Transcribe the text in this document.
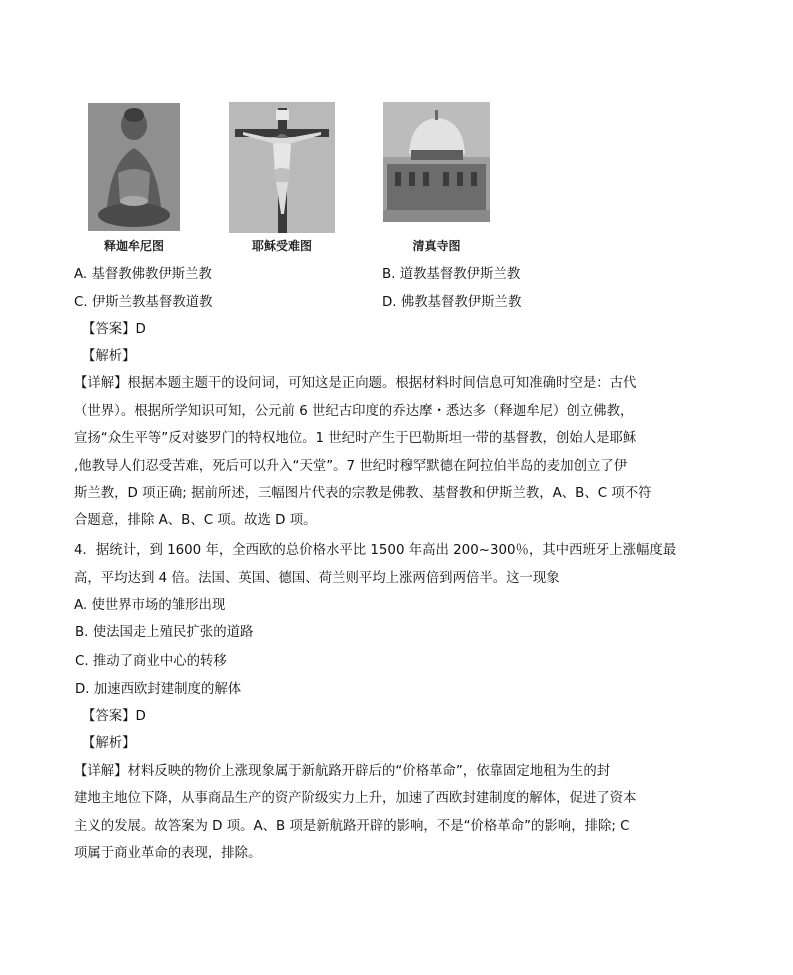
释迦牟尼图	耶稣受难图	清真寺图
A. 基督教佛教伊斯兰教	B. 道教基督教伊斯兰教
C. 伊斯兰教基督教道教	D. 佛教基督教伊斯兰教
【答案】D
【解析】
【详解】根据本题主题干的设问词，可知这是正向题。根据材料时间信息可知准确时空是：古代
（世界）。根据所学知识可知，公元前 6 世纪古印度的乔达摩・悉达多（释迦牟尼）创立佛教，
宣扬“众生平等”反对婆罗门的特权地位。1 世纪时产生于巴勒斯坦一带的基督教，创始人是耶稣
,他教导人们忍受苦难，死后可以升入“天堂”。7 世纪时穆罕默德在阿拉伯半岛的麦加创立了伊
斯兰教，D 项正确; 据前所述，三幅图片代表的宗教是佛教、基督教和伊斯兰教，A、B、C 项不符
合题意，排除 A、B、C 项。故选 D 项。
4．据统计，到 1600 年，全西欧的总价格水平比 1500 年高出 200~300％，其中西班牙上涨幅度最
高，平均达到 4 倍。法国、英国、德国、荷兰则平均上涨两倍到两倍半。这一现象
A. 使世界市场的雏形出现
B. 使法国走上殖民扩张的道路
C. 推动了商业中心的转移
D. 加速西欧封建制度的解体
【答案】D
【解析】
【详解】材料反映的物价上涨现象属于新航路开辟后的“价格革命”，依靠固定地租为生的封
建地主地位下降，从事商品生产的资产阶级实力上升，加速了西欧封建制度的解体，促进了资本
主义的发展。故答案为 D 项。A、B 项是新航路开辟的影响，不是“价格革命”的影响，排除; C
项属于商业革命的表现，排除。
